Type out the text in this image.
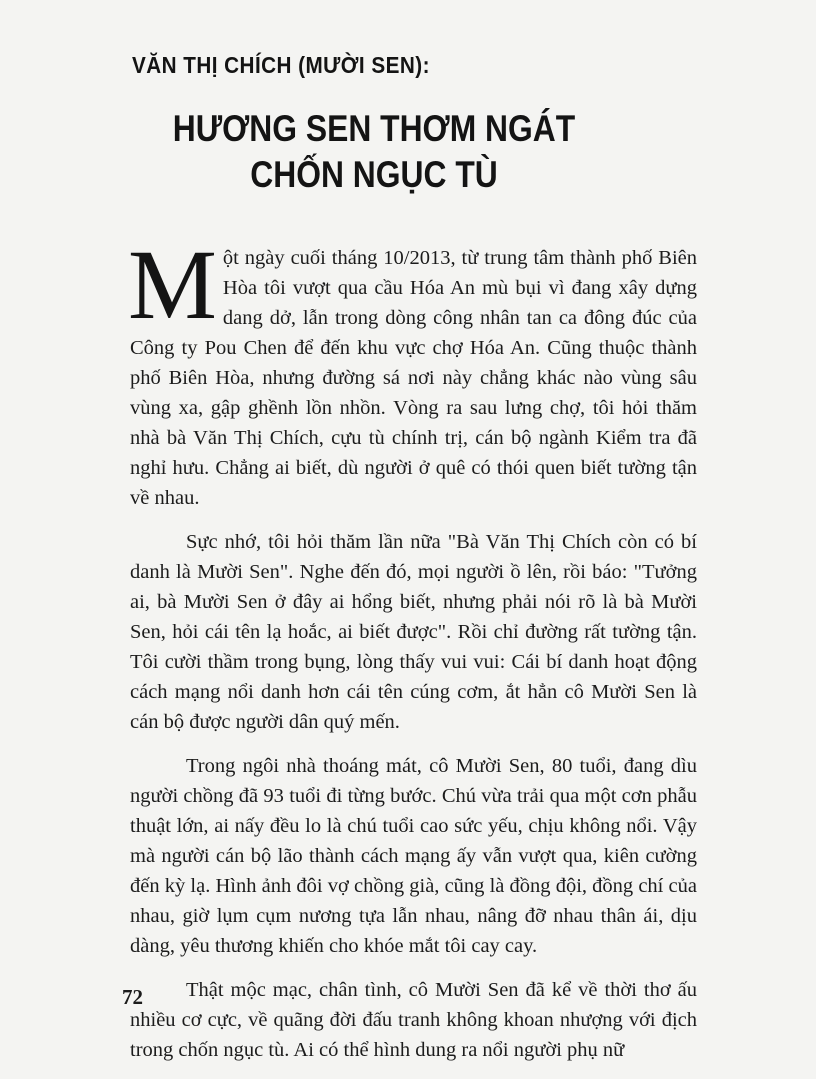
VĂN THỊ CHÍCH (MƯỜI SEN):
HƯƠNG SEN THƠM NGÁT
CHỐN NGỤC TÙ

Một ngày cuối tháng 10/2013, từ trung tâm thành phố Biên Hòa tôi vượt qua cầu Hóa An mù bụi vì đang xây dựng dang dở, lẫn trong dòng công nhân tan ca đông đúc của Công ty Pou Chen để đến khu vực chợ Hóa An. Cũng thuộc thành phố Biên Hòa, nhưng đường sá nơi này chẳng khác nào vùng sâu vùng xa, gập ghềnh lồn nhồn. Vòng ra sau lưng chợ, tôi hỏi thăm nhà bà Văn Thị Chích, cựu tù chính trị, cán bộ ngành Kiểm tra đã nghỉ hưu. Chẳng ai biết, dù người ở quê có thói quen biết tường tận về nhau.

Sực nhớ, tôi hỏi thăm lần nữa "Bà Văn Thị Chích còn có bí danh là Mười Sen". Nghe đến đó, mọi người ồ lên, rồi báo: "Tưởng ai, bà Mười Sen ở đây ai hổng biết, nhưng phải nói rõ là bà Mười Sen, hỏi cái tên lạ hoắc, ai biết được". Rồi chỉ đường rất tường tận. Tôi cười thầm trong bụng, lòng thấy vui vui: Cái bí danh hoạt động cách mạng nổi danh hơn cái tên cúng cơm, ắt hẳn cô Mười Sen là cán bộ được người dân quý mến.

Trong ngôi nhà thoáng mát, cô Mười Sen, 80 tuổi, đang dìu người chồng đã 93 tuổi đi từng bước. Chú vừa trải qua một cơn phẫu thuật lớn, ai nấy đều lo là chú tuổi cao sức yếu, chịu không nổi. Vậy mà người cán bộ lão thành cách mạng ấy vẫn vượt qua, kiên cường đến kỳ lạ. Hình ảnh đôi vợ chồng già, cũng là đồng đội, đồng chí của nhau, giờ lụm cụm nương tựa lẫn nhau, nâng đỡ nhau thân ái, dịu dàng, yêu thương khiến cho khóe mắt tôi cay cay.

Thật mộc mạc, chân tình, cô Mười Sen đã kể về thời thơ ấu nhiều cơ cực, về quãng đời đấu tranh không khoan nhượng với địch trong chốn ngục tù. Ai có thể hình dung ra nổi người phụ nữ

72
